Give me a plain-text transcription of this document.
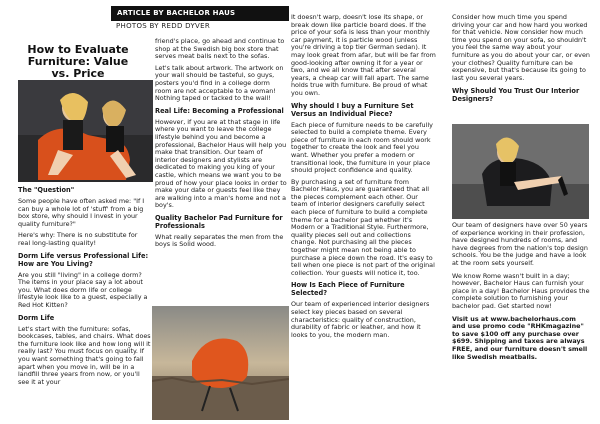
ARTICLE BY BACHELOR HAUS
PHOTOS BY REDD DYVER
How to Evaluate Furniture: Value vs. Price

The "Question"

Some people have often asked me: "If I can buy a whole lot of 'stuff' from a big box store, why should I invest in your quality furniture?"

Here's why: There is no substitute for real long-lasting quality!

Dorm Life versus Professional Life: How are You Living?

Are you still "living" in a college dorm? The items in your place say a lot about you. What does dorm life or college lifestyle look like to a guest, especially a Red Hot Kitten?

Dorm Life

Let's start with the furniture: sofas, bookcases, tables, and chairs. What does the furniture look like and how long will it really last? You must focus on quality. If you want something that's going to fall apart when you move in, will be in a landfill three years from now, or you'll see it at your

friend's place, go ahead and continue to shop at the Swedish big box store that serves meat balls next to the sofas.

Let's talk about artwork. The artwork on your wall should be tasteful, so guys, posters you'd find in a college dorm room are not acceptable to a woman! Nothing taped or tacked to the wall!

Real Life: Becoming a Professional

However, if you are at that stage in life where you want to leave the college lifestyle behind you and become a professional, Bachelor Haus will help you make that transition. Our team of interior designers and stylists are dedicated to making you king of your castle, which means we want you to be proud of how your place looks in order to make your date or guests feel like they are walking into a man's home and not a boy's.

Quality Bachelor Pad Furniture for Professionals

What really separates the men from the boys is Solid wood.

It doesn't warp, doesn't lose its shape, or break down like particle board does. If the price of your sofa is less than your monthly car payment, it is particle wood (unless you're driving a top tier German sedan). It may look great from afar, but will be far from good-looking after owning it for a year or two, and we all know that after several years, a cheap car will fall apart. The same holds true with furniture. Be proud of what you own.

Why should I buy a Furniture Set Versus an Individual Piece?

Each piece of furniture needs to be carefully selected to build a complete theme. Every piece of furniture in each room should work together to create the look and feel you want. Whether you prefer a modern or transitional look, the furniture in your place should project confidence and quality.

By purchasing a set of furniture from Bachelor Haus, you are guaranteed that all the pieces complement each other. Our team of interior designers carefully select each piece of furniture to build a complete theme for a bachelor pad whether it's Modern or a Traditional Style. Furthermore, quality pieces sell out and collections change. Not purchasing all the pieces together might mean not being able to purchase a piece down the road. It's easy to tell when one piece is not part of the original collection. Your guests will notice it, too.

How Is Each Piece of Furniture Selected?

Our team of experienced interior designers select key pieces based on several characteristics: quality of construction, durability of fabric or leather, and how it looks to you, the modern man.

Consider how much time you spend driving your car and how hard you worked for that vehicle. Now consider how much time you spend on your sofa, so shouldn't you feel the same way about your furniture as you do about your car, or even your clothes? Quality furniture can be expensive, but that's because its going to last you several years.

Why Should You Trust Our Interior Designers?

Our team of designers have over 50 years of experience working in their profession, have designed hundreds of rooms, and have degrees from the nation's top design schools. You be the judge and have a look at the room sets yourself.

We know Rome wasn't built in a day; however, Bachelor Haus can furnish your place in a day! Bachelor Haus provides the complete solution to furnishing your bachelor pad. Get started now!

Visit us at www.bachelorhaus.com and use promo code "RHKmagazine" to save $100 off any purchase over $699. Shipping and taxes are always FREE, and our furniture doesn't smell like Swedish meatballs.
